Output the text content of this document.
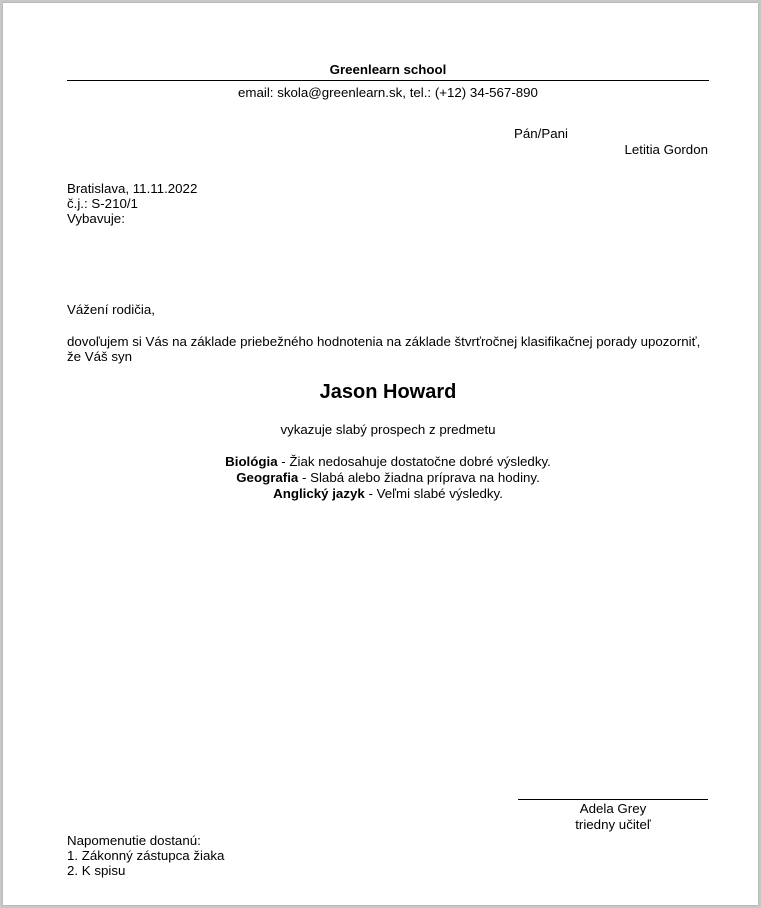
Greenlearn school
email: skola@greenlearn.sk, tel.: (+12) 34-567-890
Pán/Pani
Letitia Gordon
Bratislava, 11.11.2022
č.j.: S-210/1
Vybavuje:
Vážení rodičia,
dovoľujem si Vás na základe priebežného hodnotenia na základe štvrťročnej klasifikačnej porady upozorniť,
že Váš syn
Jason Howard
vykazuje slabý prospech z predmetu
Biológia - Žiak nedosahuje dostatočne dobré výsledky.
Geografia - Slabá alebo žiadna príprava na hodiny.
Anglický jazyk - Veľmi slabé výsledky.
Adela Grey
triedny učiteľ
Napomenutie dostanú:
1. Zákonný zástupca žiaka
2. K spisu
